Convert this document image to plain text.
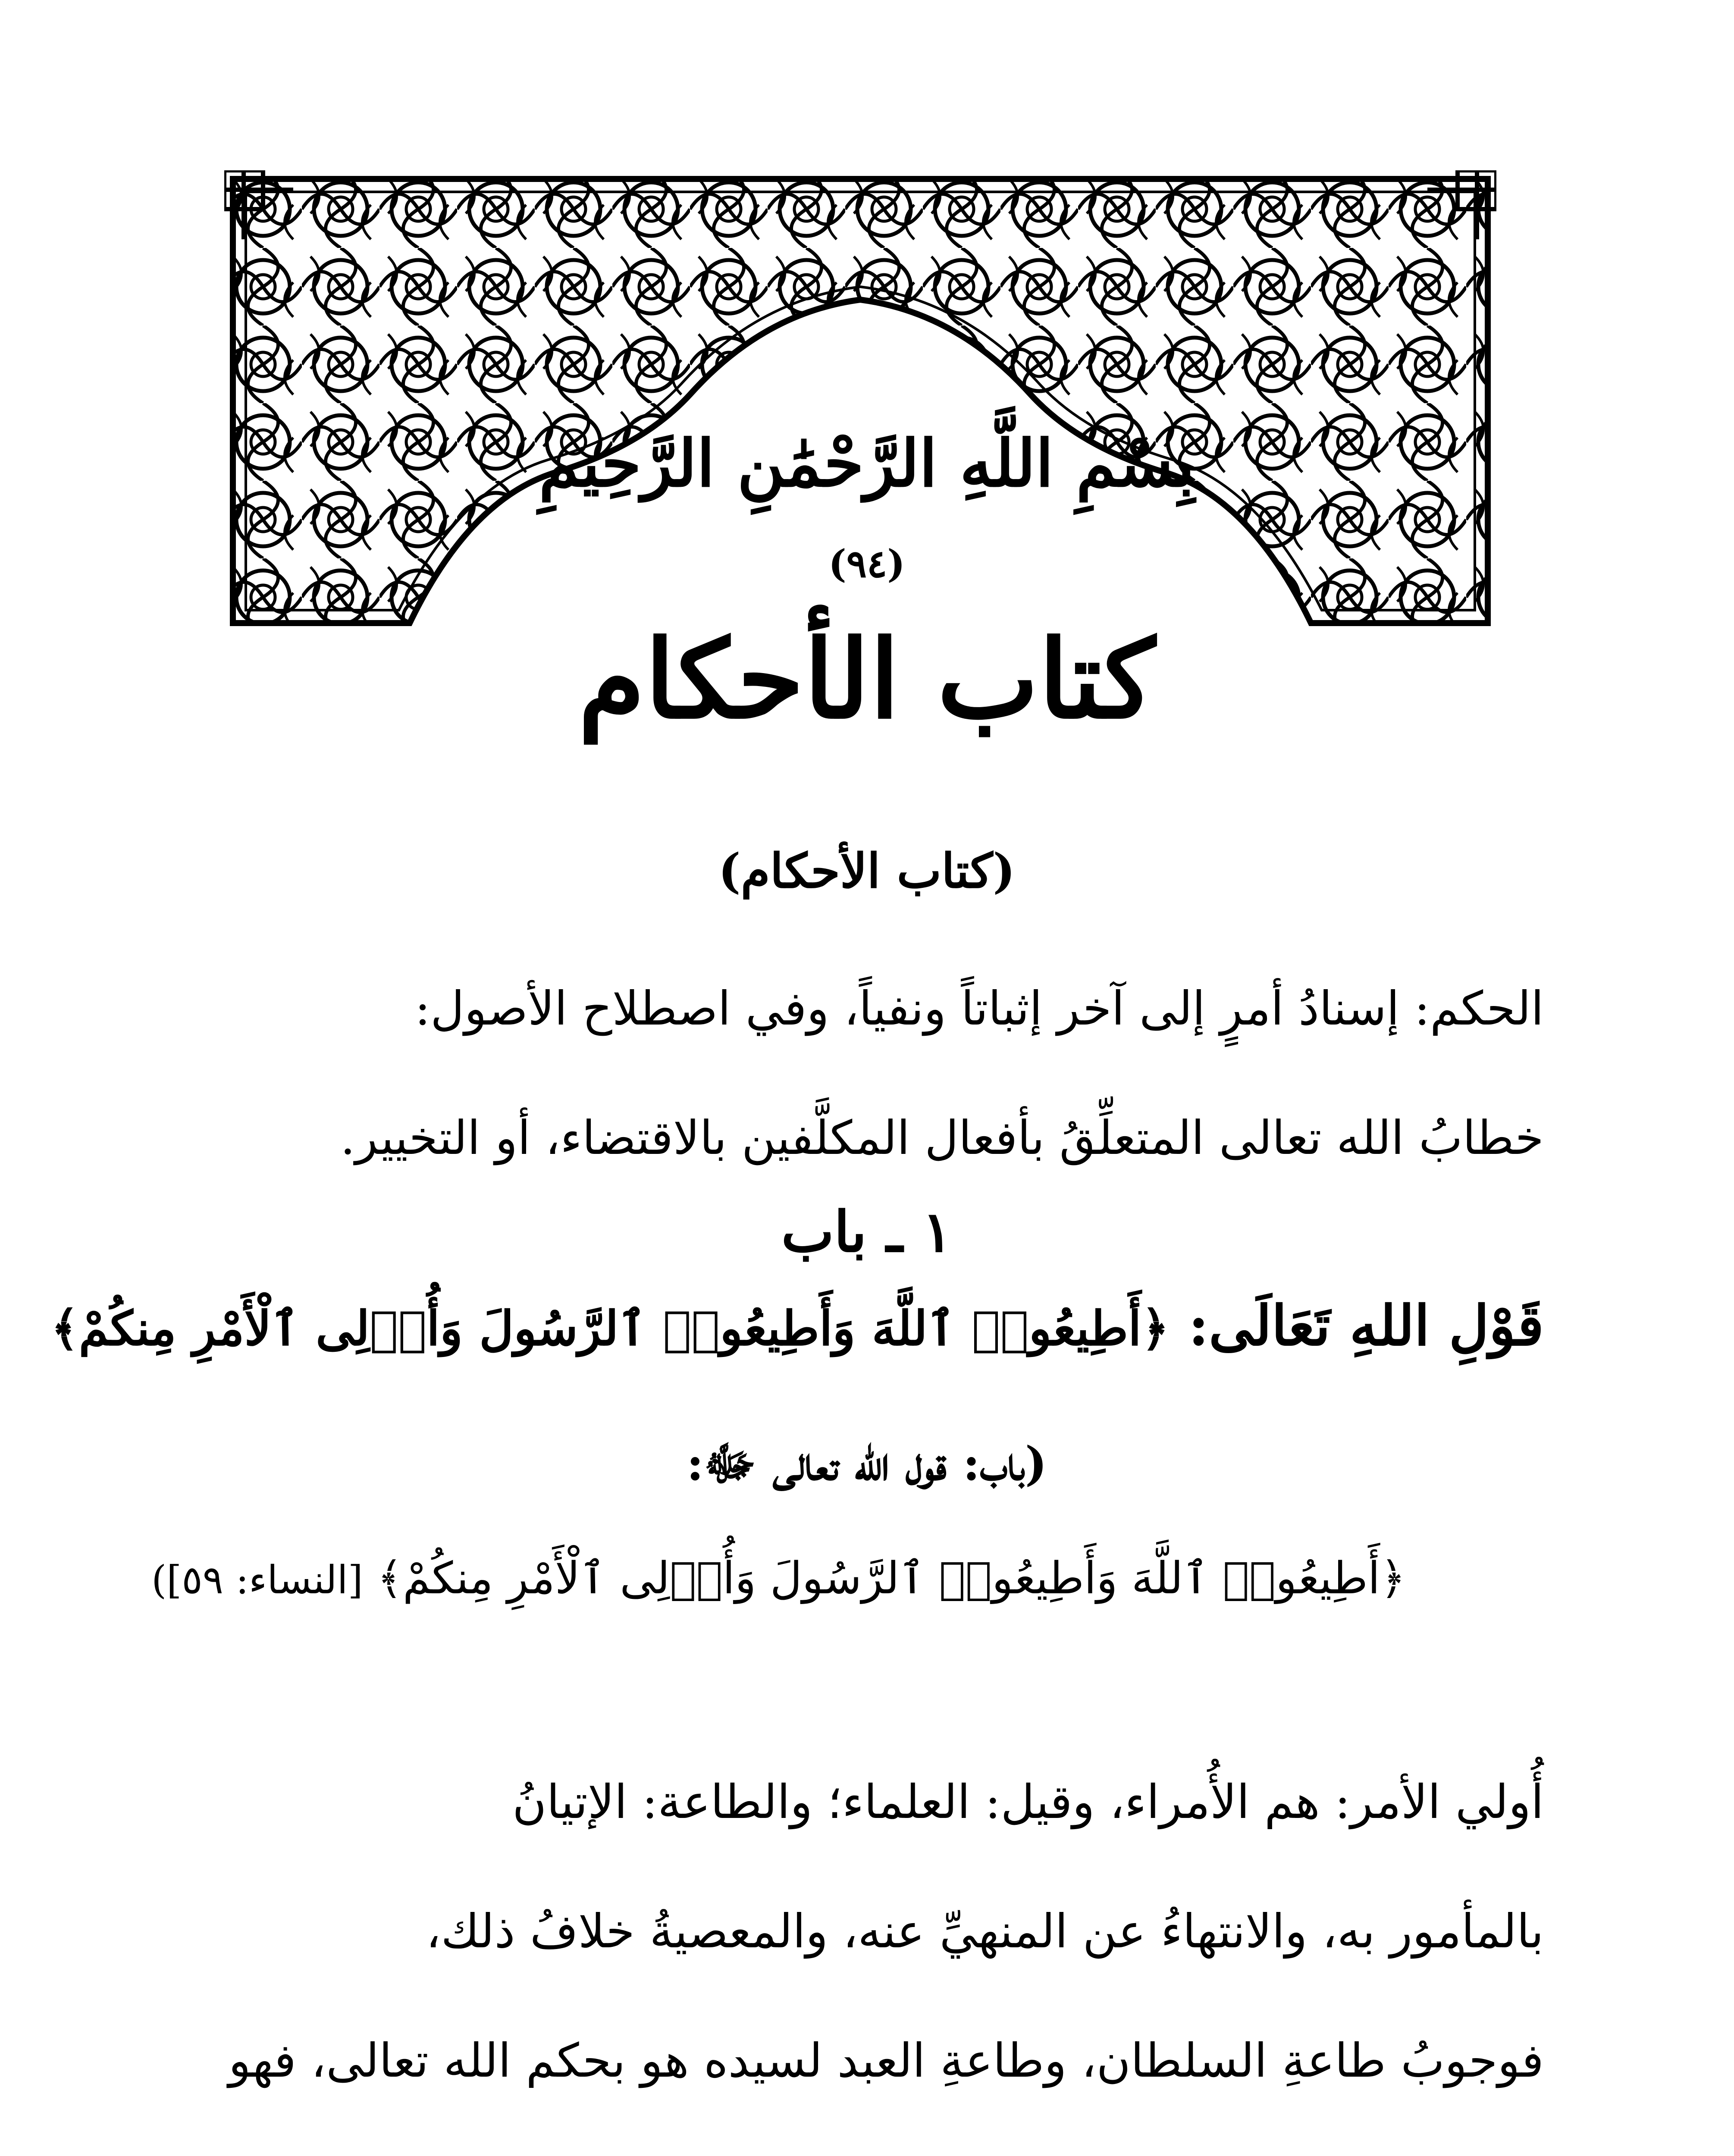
بِسْمِ اللَّهِ الرَّحْمَٰنِ الرَّحِيمِ
(٩٤)
كتاب الأحكام
(كتاب الأحكام)
الحكم: إسنادُ أمرٍ إلى آخر إثباتاً ونفياً، وفي اصطلاح الأصول:
خطابُ الله تعالى المتعلِّقُ بأفعال المكلَّفين بالاقتضاء، أو التخيير.
١ ـ باب
قَوْلِ اللهِ تَعَالَى: ﴿أَطِيعُوا۟ ٱللَّهَ وَأَطِيعُوا۟ ٱلرَّسُولَ وَأُو۟لِى ٱلْأَمْرِ مِنكُمْ﴾
(باب: قول الله تعالى ﷻ:
﴿أَطِيعُوا۟ ٱللَّهَ وَأَطِيعُوا۟ ٱلرَّسُولَ وَأُو۟لِى ٱلْأَمْرِ مِنكُمْ﴾ [النساء: ٥٩])
أُولي الأمر: هم الأُمراء، وقيل: العلماء؛ والطاعة: الإتيانُ
بالمأمور به، والانتهاءُ عن المنهيِّ عنه، والمعصيةُ خلافُ ذلك،
فوجوبُ طاعةِ السلطان، وطاعةِ العبد لسيده هو بحكم الله تعالى، فهو
